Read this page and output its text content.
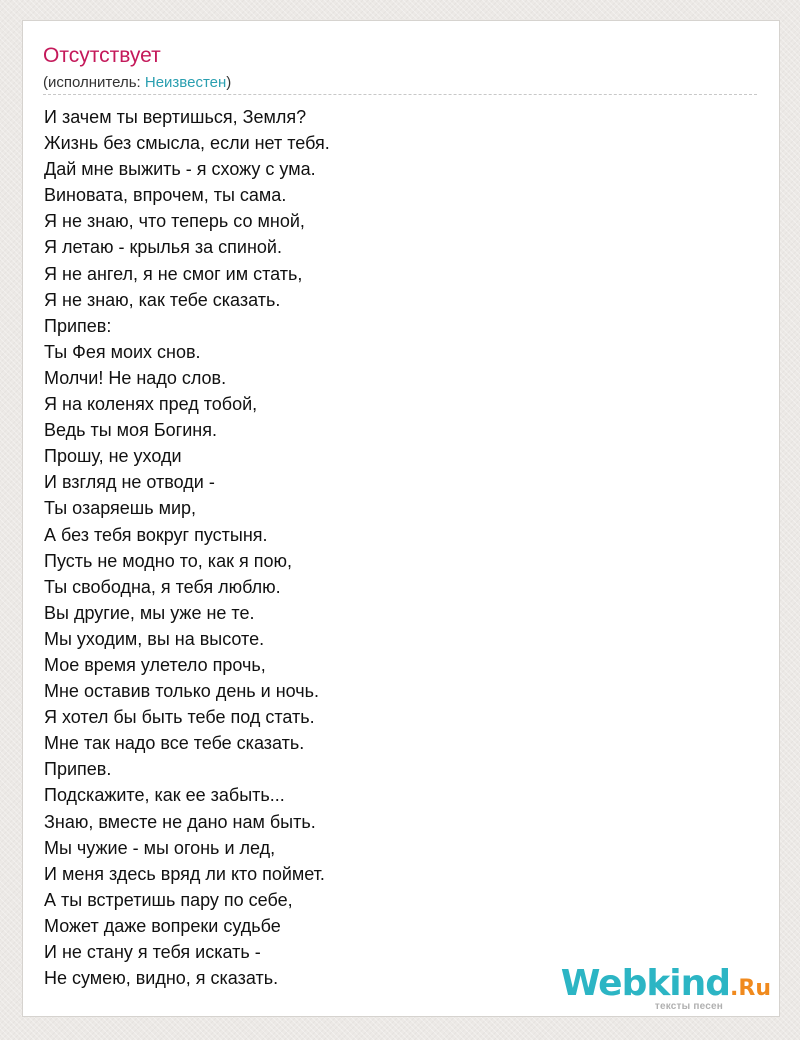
Отсутствует
(исполнитель: Неизвестен)
И зачем ты вертишься, Земля?
Жизнь без смысла, если нет тебя.
Дай мне выжить - я схожу с ума.
Виновата, впрочем, ты сама.
Я не знаю, что теперь со мной,
Я летаю - крылья за спиной.
Я не ангел, я не смог им стать,
Я не знаю, как тебе сказать.
Припев:
Ты Фея моих снов.
Молчи! Не надо слов.
Я на коленях пред тобой,
Ведь ты моя Богиня.
Прошу, не уходи
И взгляд не отводи -
Ты озаряешь мир,
А без тебя вокруг пустыня.
Пусть не модно то, как я пою,
Ты свободна, я тебя люблю.
Вы другие, мы уже не те.
Мы уходим, вы на высоте.
Мое время улетело прочь,
Мне оставив только день и ночь.
Я хотел бы быть тебе под стать.
Мне так надо все тебе сказать.
Припев.
Подскажите, как ее забыть...
Знаю, вместе не дано нам быть.
Мы чужие - мы огонь и лед,
И меня здесь вряд ли кто поймет.
А ты встретишь пару по себе,
Может даже вопреки судьбе
И не стану я тебя искать -
Не сумею, видно, я сказать.	Webkind.Ru
тексты песен
